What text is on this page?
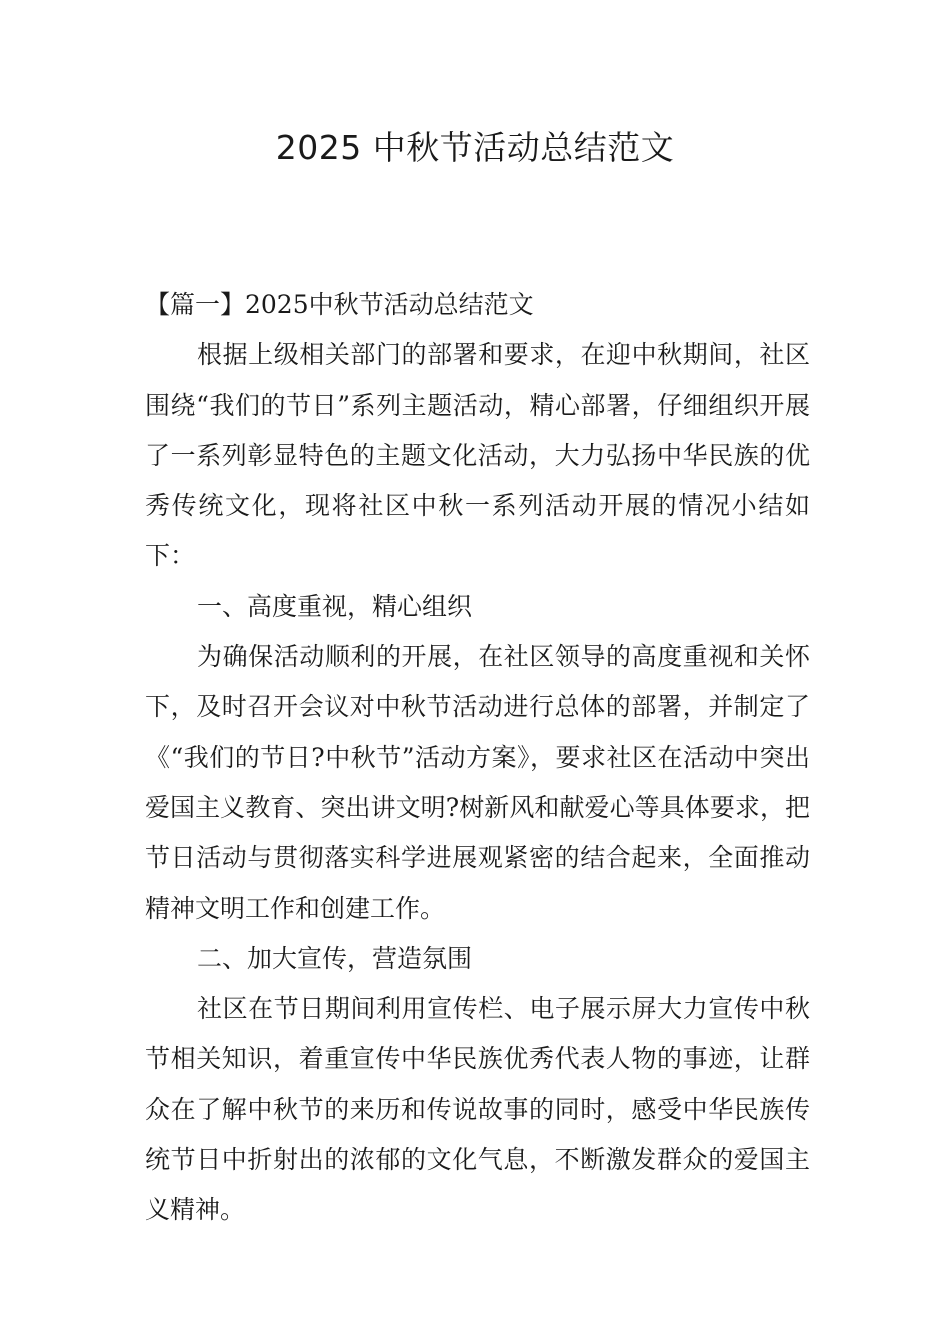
2025 中秋节活动总结范文

【篇一】2025中秋节活动总结范文

根据上级相关部门的部署和要求，在迎中秋期间，社区围绕“我们的节日”系列主题活动，精心部署，仔细组织开展了一系列彰显特色的主题文化活动，大力弘扬中华民族的优秀传统文化，现将社区中秋一系列活动开展的情况小结如下：

一、高度重视，精心组织

为确保活动顺利的开展，在社区领导的高度重视和关怀下，及时召开会议对中秋节活动进行总体的部署，并制定了《“我们的节日?中秋节”活动方案》，要求社区在活动中突出爱国主义教育、突出讲文明?树新风和献爱心等具体要求，把节日活动与贯彻落实科学进展观紧密的结合起来，全面推动精神文明工作和创建工作。

二、加大宣传，营造氛围

社区在节日期间利用宣传栏、电子展示屏大力宣传中秋节相关知识，着重宣传中华民族优秀代表人物的事迹，让群众在了解中秋节的来历和传说故事的同时，感受中华民族传统节日中折射出的浓郁的文化气息，不断激发群众的爱国主义精神。
